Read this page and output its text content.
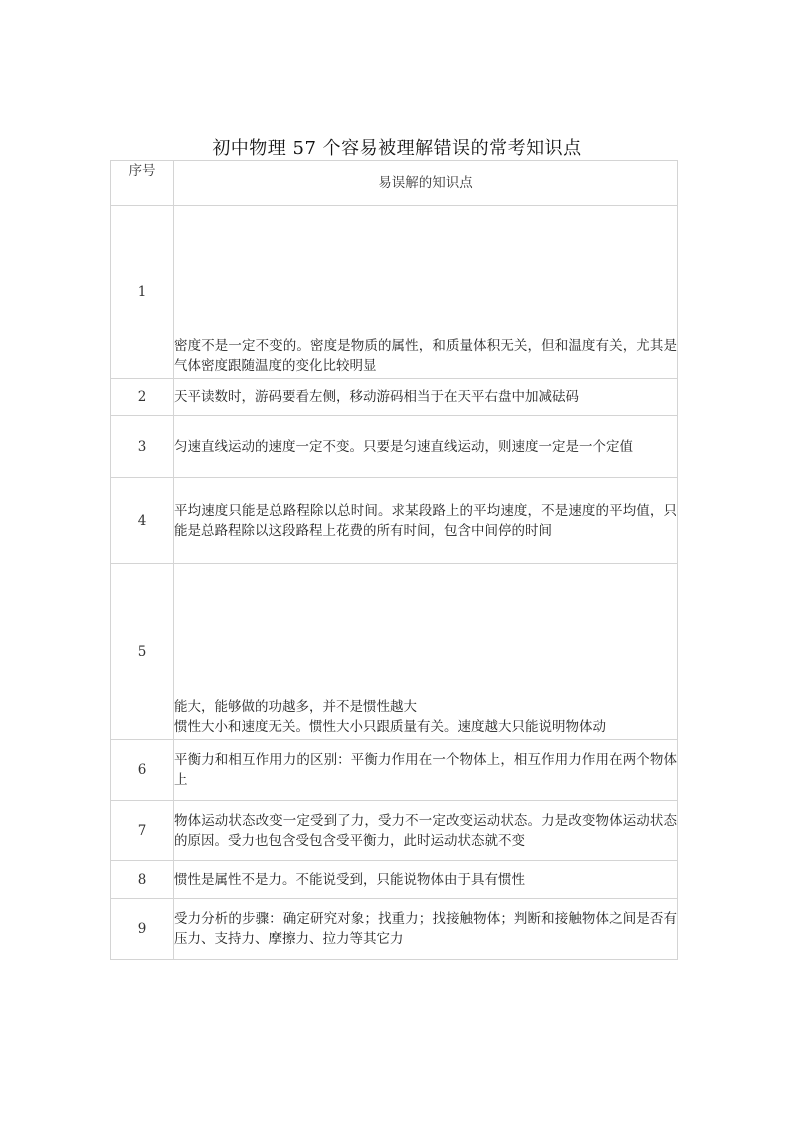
初中物理 57 个容易被理解错误的常考知识点
序号	易误解的知识点
1	密度不是一定不变的。密度是物质的属性，和质量体积无关，但和温度有关，尤其是气体密度跟随温度的变化比较明显
2	天平读数时，游码要看左侧，移动游码相当于在天平右盘中加减砝码
3	匀速直线运动的速度一定不变。只要是匀速直线运动，则速度一定是一个定值
4	平均速度只能是总路程除以总时间。求某段路上的平均速度，不是速度的平均值，只能是总路程除以这段路程上花费的所有时间，包含中间停的时间
5	能大，能够做的功越多，并不是惯性越大
惯性大小和速度无关。惯性大小只跟质量有关。速度越大只能说明物体动

6	平衡力和相互作用力的区别：平衡力作用在一个物体上，相互作用力作用在两个物体上
7	物体运动状态改变一定受到了力，受力不一定改变运动状态。力是改变物体运动状态的原因。受力也包含受包含受平衡力，此时运动状态就不变
8	惯性是属性不是力。不能说受到，只能说物体由于具有惯性
9	受力分析的步骤：确定研究对象；找重力；找接触物体；判断和接触物体之间是否有压力、支持力、摩擦力、拉力等其它力
